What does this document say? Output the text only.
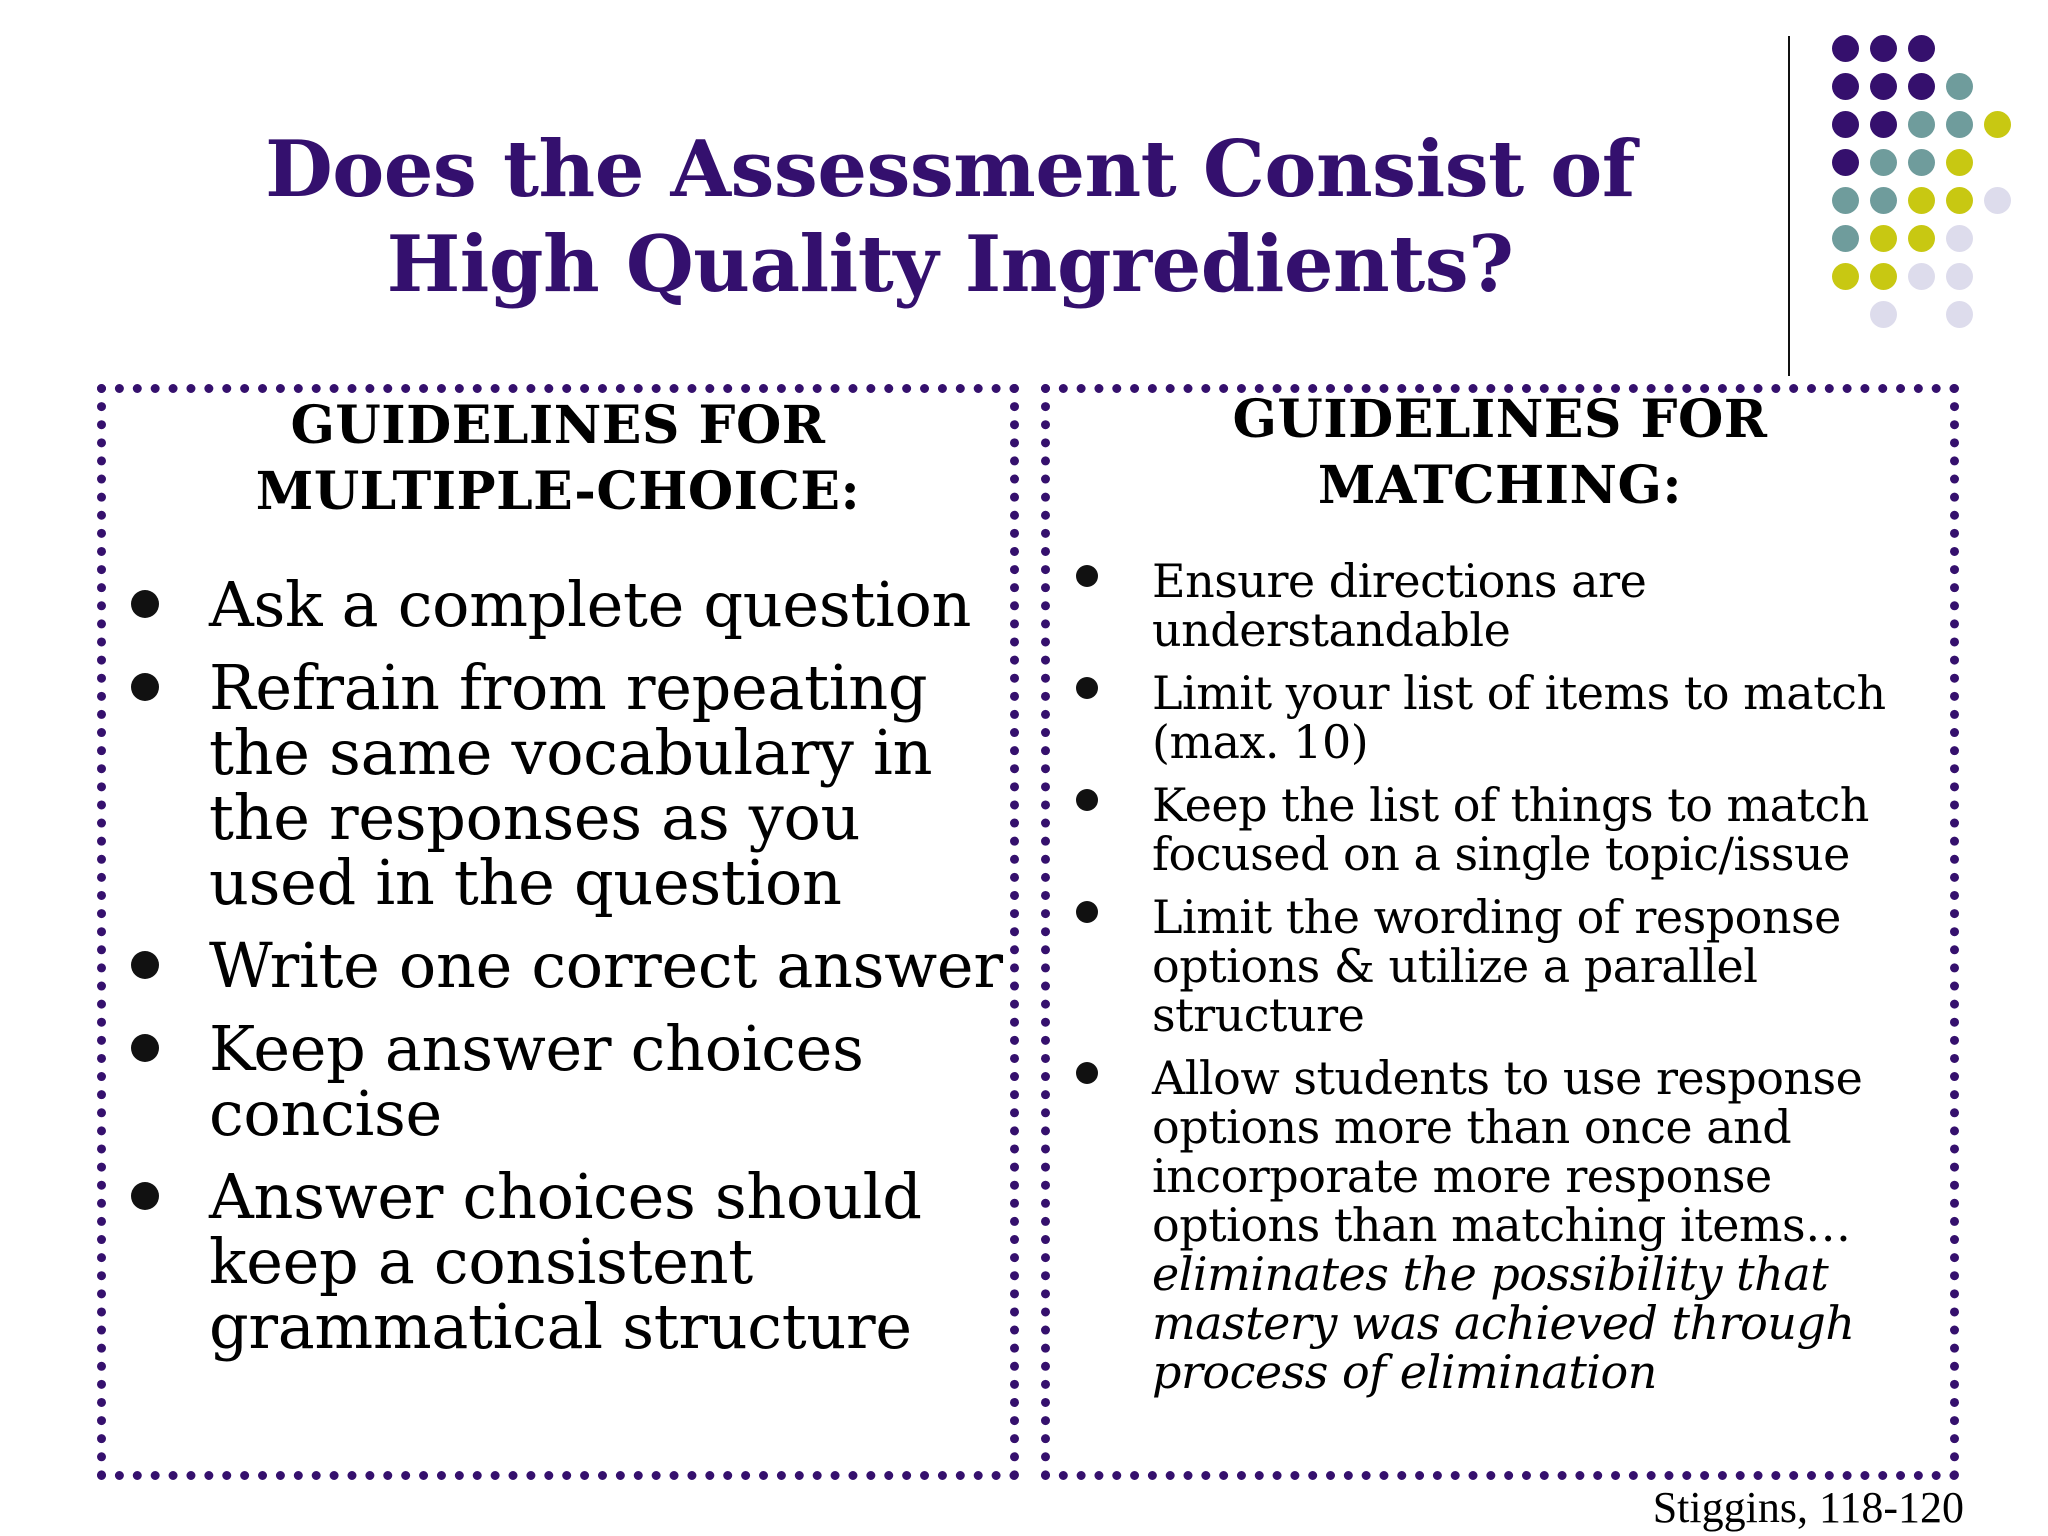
Does the Assessment Consist of
High Quality Ingredients?
GUIDELINES FOR
MULTIPLE-CHOICE:
Ask a complete question
Refrain from repeating the same vocabulary in the responses as you used in the question
Write one correct answer
Keep answer choices concise
Answer choices should keep a consistent grammatical structure
GUIDELINES FOR
MATCHING:
Ensure directions are understandable
Limit your list of items to match (max. 10)
Keep the list of things to match focused on a single topic/issue
Limit the wording of response options & utilize a parallel structure
Allow students to use response options more than once and incorporate more response options than matching items…eliminates the possibility that mastery was achieved through process of elimination
Stiggins, 118-120
